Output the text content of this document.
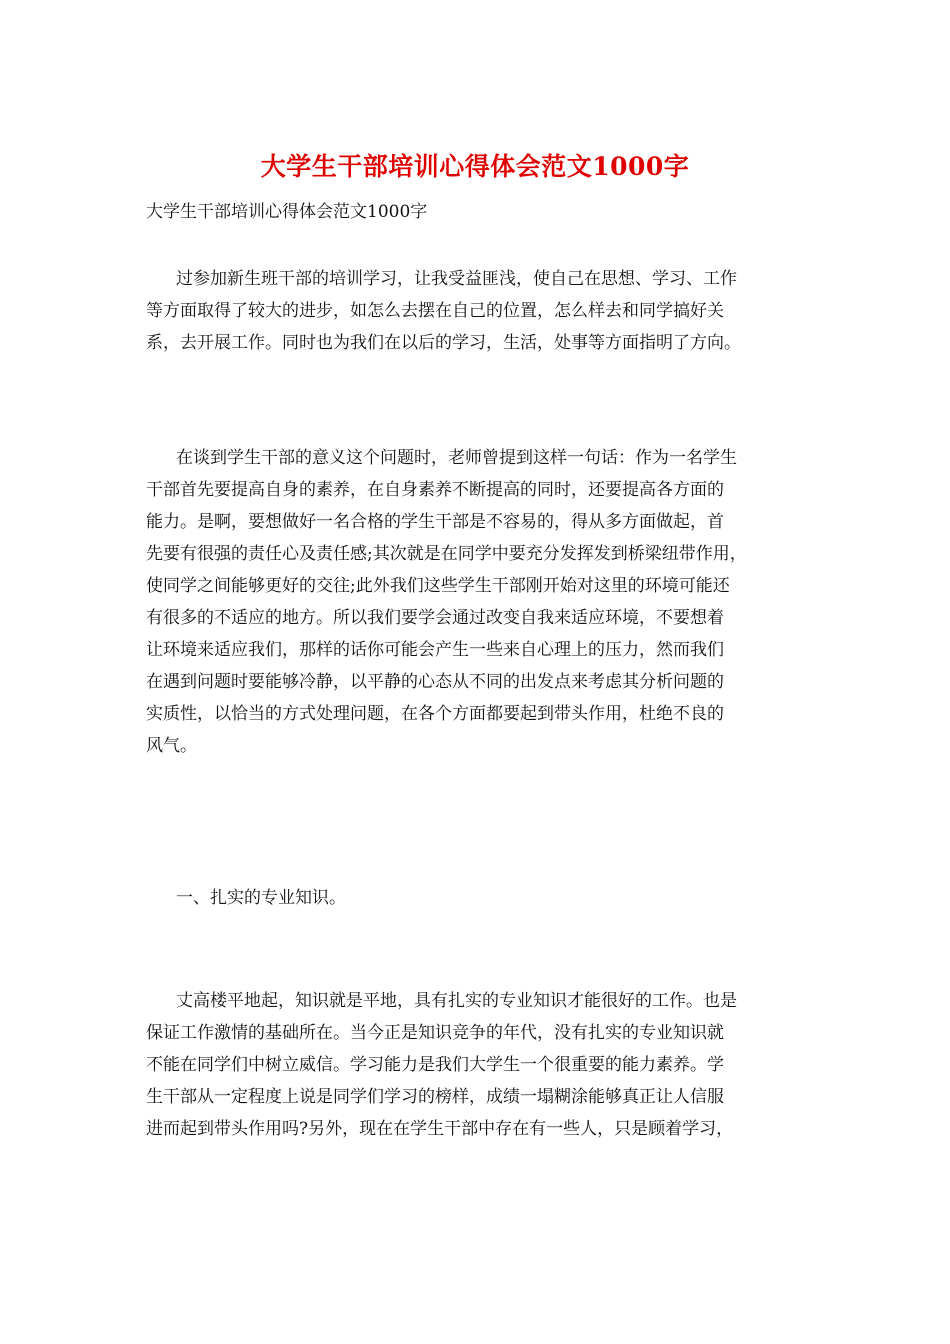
大学生干部培训心得体会范文1000字
大学生干部培训心得体会范文1000字
过参加新生班干部的培训学习，让我受益匪浅，使自己在思想、学习、工作
等方面取得了较大的进步，如怎么去摆在自己的位置，怎么样去和同学搞好关
系，去开展工作。同时也为我们在以后的学习，生活，处事等方面指明了方向。
在谈到学生干部的意义这个问题时，老师曾提到这样一句话：作为一名学生
干部首先要提高自身的素养，在自身素养不断提高的同时，还要提高各方面的
能力。是啊，要想做好一名合格的学生干部是不容易的，得从多方面做起，首
先要有很强的责任心及责任感;其次就是在同学中要充分发挥发到桥梁纽带作用，
使同学之间能够更好的交往;此外我们这些学生干部刚开始对这里的环境可能还
有很多的不适应的地方。所以我们要学会通过改变自我来适应环境，不要想着
让环境来适应我们，那样的话你可能会产生一些来自心理上的压力，然而我们
在遇到问题时要能够冷静，以平静的心态从不同的出发点来考虑其分析问题的
实质性，以恰当的方式处理问题，在各个方面都要起到带头作用，杜绝不良的
风气。
一、扎实的专业知识。
丈高楼平地起，知识就是平地，具有扎实的专业知识才能很好的工作。也是
保证工作激情的基础所在。当今正是知识竞争的年代，没有扎实的专业知识就
不能在同学们中树立威信。学习能力是我们大学生一个很重要的能力素养。学
生干部从一定程度上说是同学们学习的榜样，成绩一塌糊涂能够真正让人信服
进而起到带头作用吗?另外，现在在学生干部中存在有一些人，只是顾着学习，
